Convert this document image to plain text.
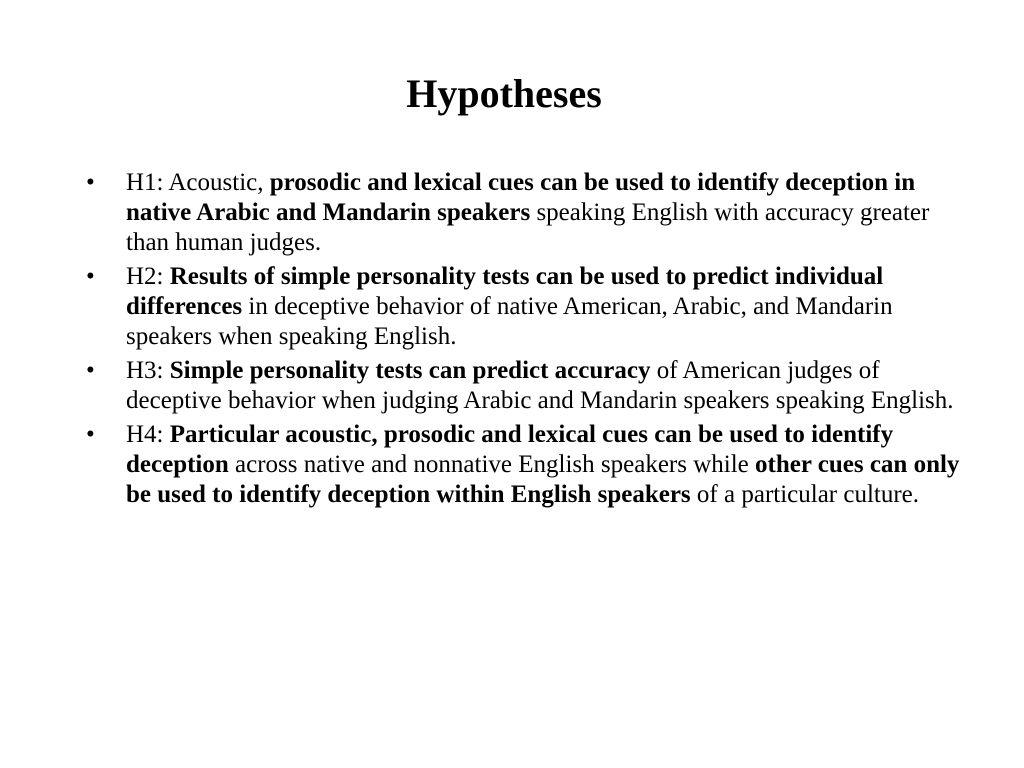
Hypotheses
•	H1: Acoustic, prosodic and lexical cues can be used to identify deception in native Arabic and Mandarin speakers speaking English with accuracy greater than human judges.
•	H2: Results of simple personality tests can be used to predict individual differences in deceptive behavior of native American, Arabic, and Mandarin speakers when speaking English.
•	H3: Simple personality tests can predict accuracy of American judges of deceptive behavior when judging Arabic and Mandarin speakers speaking English.
•	H4: Particular acoustic, prosodic and lexical cues can be used to identify deception across native and nonnative English speakers while other cues can only be used to identify deception within English speakers of a particular culture.
